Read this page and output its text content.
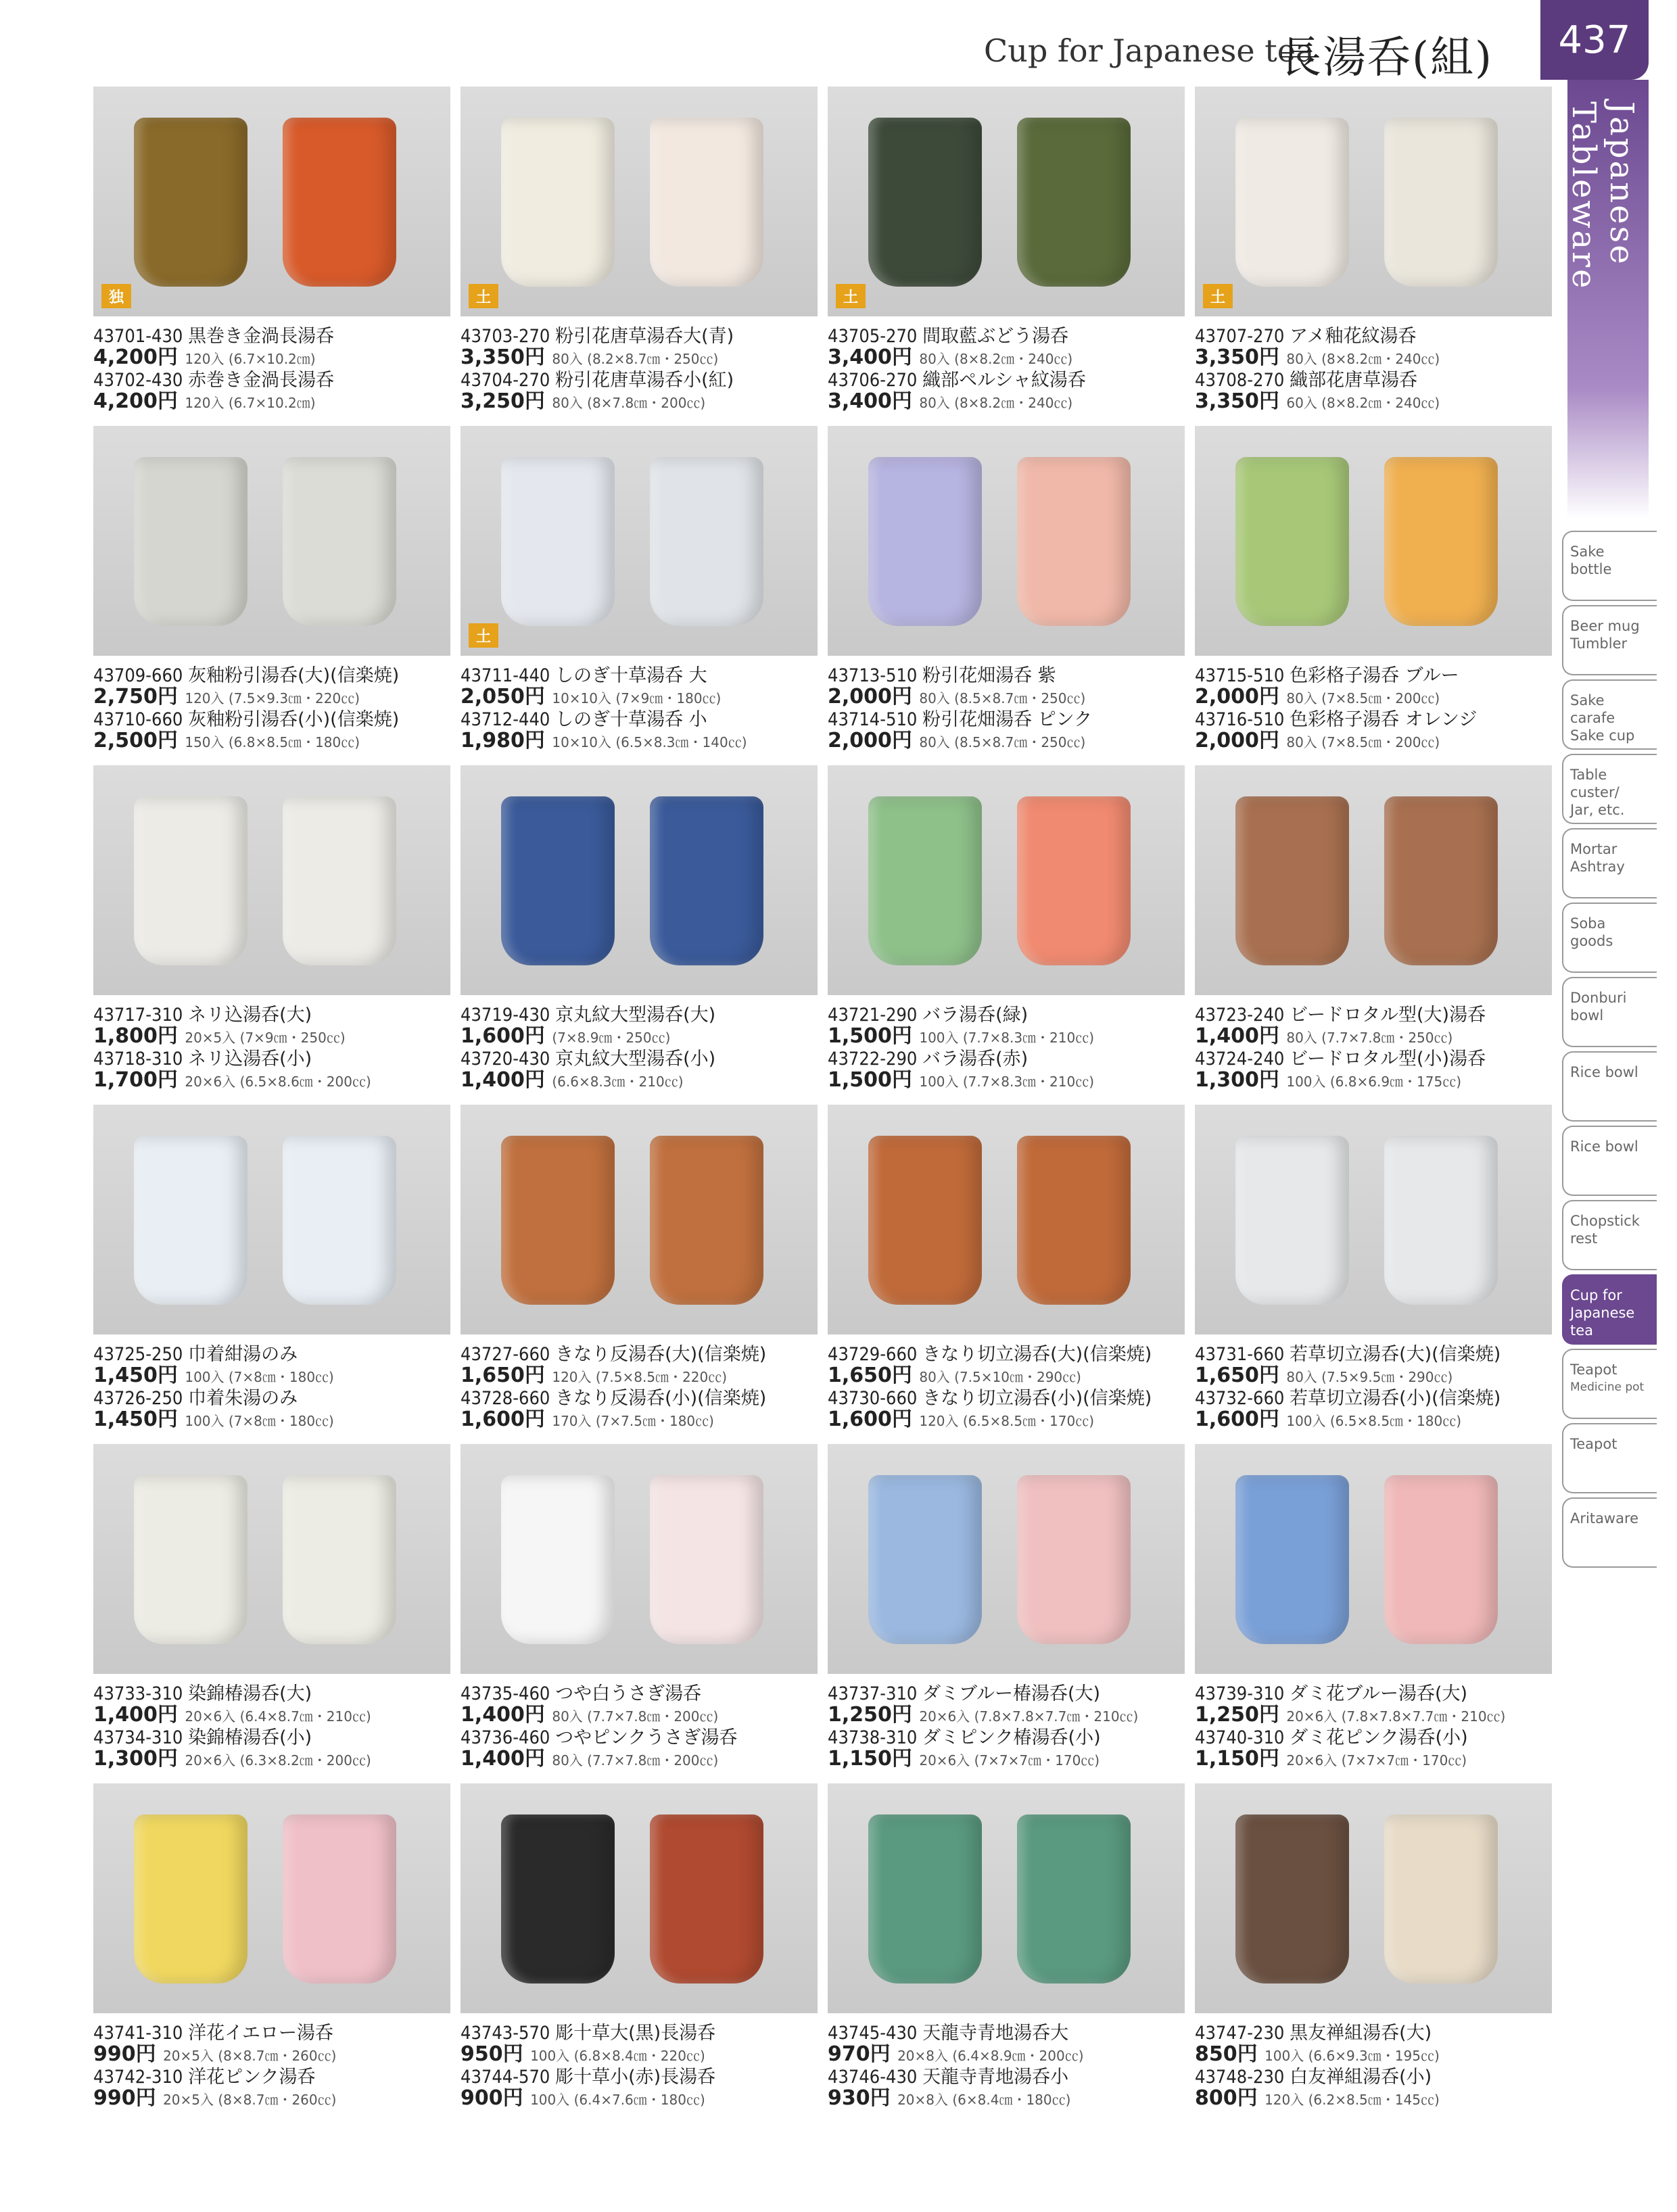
Cup for Japanese tea
長湯呑(組)	437
Japanese Tableware
Sake
bottle
Beer mug
Tumbler
Sake
carafe
Sake cup
Table
custer/
Jar, etc.
Mortar
Ashtray
Soba
goods
Donburi
bowl
Rice bowl
Rice bowl
Chopstick
rest
Cup for
Japanese
tea
Teapot
Medicine pot
Teapot
Aritaware
独
43701-430 黒巻き金渦長湯呑
4,200円 120入 (6.7×10.2㎝)
43702-430 赤巻き金渦長湯呑
4,200円 120入 (6.7×10.2㎝)
土
43703-270 粉引花唐草湯呑大(青)
3,350円 80入 (8.2×8.7㎝・250㏄)
43704-270 粉引花唐草湯呑小(紅)
3,250円 80入 (8×7.8㎝・200㏄)
土
43705-270 間取藍ぶどう湯呑
3,400円 80入 (8×8.2㎝・240㏄)
43706-270 織部ペルシャ紋湯呑
3,400円 80入 (8×8.2㎝・240㏄)
土
43707-270 アメ釉花紋湯呑
3,350円 80入 (8×8.2㎝・240㏄)
43708-270 織部花唐草湯呑
3,350円 60入 (8×8.2㎝・240㏄)
43709-660 灰釉粉引湯呑(大)(信楽焼)
2,750円 120入 (7.5×9.3㎝・220㏄)
43710-660 灰釉粉引湯呑(小)(信楽焼)
2,500円 150入 (6.8×8.5㎝・180㏄)
土
43711-440 しのぎ十草湯呑 大
2,050円 10×10入 (7×9㎝・180㏄)
43712-440 しのぎ十草湯呑 小
1,980円 10×10入 (6.5×8.3㎝・140㏄)
43713-510 粉引花畑湯呑 紫
2,000円 80入 (8.5×8.7㎝・250㏄)
43714-510 粉引花畑湯呑 ピンク
2,000円 80入 (8.5×8.7㎝・250㏄)
43715-510 色彩格子湯呑 ブルー
2,000円 80入 (7×8.5㎝・200㏄)
43716-510 色彩格子湯呑 オレンジ
2,000円 80入 (7×8.5㎝・200㏄)
43717-310 ネリ込湯呑(大)
1,800円 20×5入 (7×9㎝・250㏄)
43718-310 ネリ込湯呑(小)
1,700円 20×6入 (6.5×8.6㎝・200㏄)
43719-430 京丸紋大型湯呑(大)
1,600円 (7×8.9㎝・250㏄)
43720-430 京丸紋大型湯呑(小)
1,400円 (6.6×8.3㎝・210㏄)
43721-290 バラ湯呑(緑)
1,500円 100入 (7.7×8.3㎝・210㏄)
43722-290 バラ湯呑(赤)
1,500円 100入 (7.7×8.3㎝・210㏄)
43723-240 ビードロタル型(大)湯呑
1,400円 80入 (7.7×7.8㎝・250㏄)
43724-240 ビードロタル型(小)湯呑
1,300円 100入 (6.8×6.9㎝・175㏄)
43725-250 巾着紺湯のみ
1,450円 100入 (7×8㎝・180㏄)
43726-250 巾着朱湯のみ
1,450円 100入 (7×8㎝・180㏄)
43727-660 きなり反湯呑(大)(信楽焼)
1,650円 120入 (7.5×8.5㎝・220㏄)
43728-660 きなり反湯呑(小)(信楽焼)
1,600円 170入 (7×7.5㎝・180㏄)
43729-660 きなり切立湯呑(大)(信楽焼)
1,650円 80入 (7.5×10㎝・290㏄)
43730-660 きなり切立湯呑(小)(信楽焼)
1,600円 120入 (6.5×8.5㎝・170㏄)
43731-660 若草切立湯呑(大)(信楽焼)
1,650円 80入 (7.5×9.5㎝・290㏄)
43732-660 若草切立湯呑(小)(信楽焼)
1,600円 100入 (6.5×8.5㎝・180㏄)
43733-310 染錦椿湯呑(大)
1,400円 20×6入 (6.4×8.7㎝・210㏄)
43734-310 染錦椿湯呑(小)
1,300円 20×6入 (6.3×8.2㎝・200㏄)
43735-460 つや白うさぎ湯呑
1,400円 80入 (7.7×7.8㎝・200㏄)
43736-460 つやピンクうさぎ湯呑
1,400円 80入 (7.7×7.8㎝・200㏄)
43737-310 ダミブルー椿湯呑(大)
1,250円 20×6入 (7.8×7.8×7.7㎝・210㏄)
43738-310 ダミピンク椿湯呑(小)
1,150円 20×6入 (7×7×7㎝・170㏄)
43739-310 ダミ花ブルー湯呑(大)
1,250円 20×6入 (7.8×7.8×7.7㎝・210㏄)
43740-310 ダミ花ピンク湯呑(小)
1,150円 20×6入 (7×7×7㎝・170㏄)
43741-310 洋花イエロー湯呑
990円 20×5入 (8×8.7㎝・260㏄)
43742-310 洋花ピンク湯呑
990円 20×5入 (8×8.7㎝・260㏄)
43743-570 彫十草大(黒)長湯呑
950円 100入 (6.8×8.4㎝・220㏄)
43744-570 彫十草小(赤)長湯呑
900円 100入 (6.4×7.6㎝・180㏄)
43745-430 天龍寺青地湯呑大
970円 20×8入 (6.4×8.9㎝・200㏄)
43746-430 天龍寺青地湯呑小
930円 20×8入 (6×8.4㎝・180㏄)
43747-230 黒友禅組湯呑(大)
850円 100入 (6.6×9.3㎝・195㏄)
43748-230 白友禅組湯呑(小)
800円 120入 (6.2×8.5㎝・145㏄)
